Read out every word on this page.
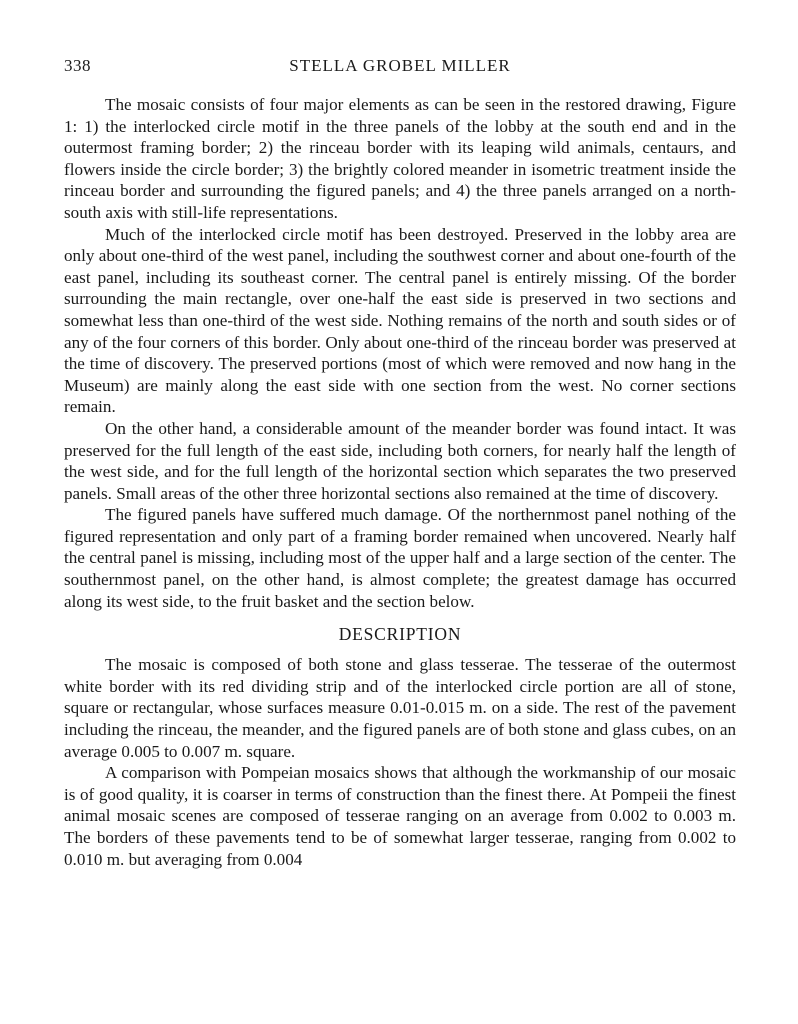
338	STELLA GROBEL MILLER

The mosaic consists of four major elements as can be seen in the restored drawing, Figure 1: 1) the interlocked circle motif in the three panels of the lobby at the south end and in the outermost framing border; 2) the rinceau border with its leaping wild animals, centaurs, and flowers inside the circle border; 3) the brightly colored meander in isometric treatment inside the rinceau border and surrounding the figured panels; and 4) the three panels arranged on a north-south axis with still-life representations.

Much of the interlocked circle motif has been destroyed. Preserved in the lobby area are only about one-third of the west panel, including the southwest corner and about one-fourth of the east panel, including its southeast corner. The central panel is entirely missing. Of the border surrounding the main rectangle, over one-half the east side is preserved in two sections and somewhat less than one-third of the west side. Nothing remains of the north and south sides or of any of the four corners of this border. Only about one-third of the rinceau border was preserved at the time of discovery. The preserved portions (most of which were removed and now hang in the Museum) are mainly along the east side with one section from the west. No corner sections remain.

On the other hand, a considerable amount of the meander border was found intact. It was preserved for the full length of the east side, including both corners, for nearly half the length of the west side, and for the full length of the horizontal section which separates the two preserved panels. Small areas of the other three horizontal sections also remained at the time of discovery.

The figured panels have suffered much damage. Of the northernmost panel nothing of the figured representation and only part of a framing border remained when uncovered. Nearly half the central panel is missing, including most of the upper half and a large section of the center. The southernmost panel, on the other hand, is almost complete; the greatest damage has occurred along its west side, to the fruit basket and the section below.

DESCRIPTION

The mosaic is composed of both stone and glass tesserae. The tesserae of the outermost white border with its red dividing strip and of the interlocked circle portion are all of stone, square or rectangular, whose surfaces measure 0.01-0.015 m. on a side. The rest of the pavement including the rinceau, the meander, and the figured panels are of both stone and glass cubes, on an average 0.005 to 0.007 m. square.

A comparison with Pompeian mosaics shows that although the workmanship of our mosaic is of good quality, it is coarser in terms of construction than the finest there. At Pompeii the finest animal mosaic scenes are composed of tesserae ranging on an average from 0.002 to 0.003 m. The borders of these pavements tend to be of somewhat larger tesserae, ranging from 0.002 to 0.010 m. but averaging from 0.004
